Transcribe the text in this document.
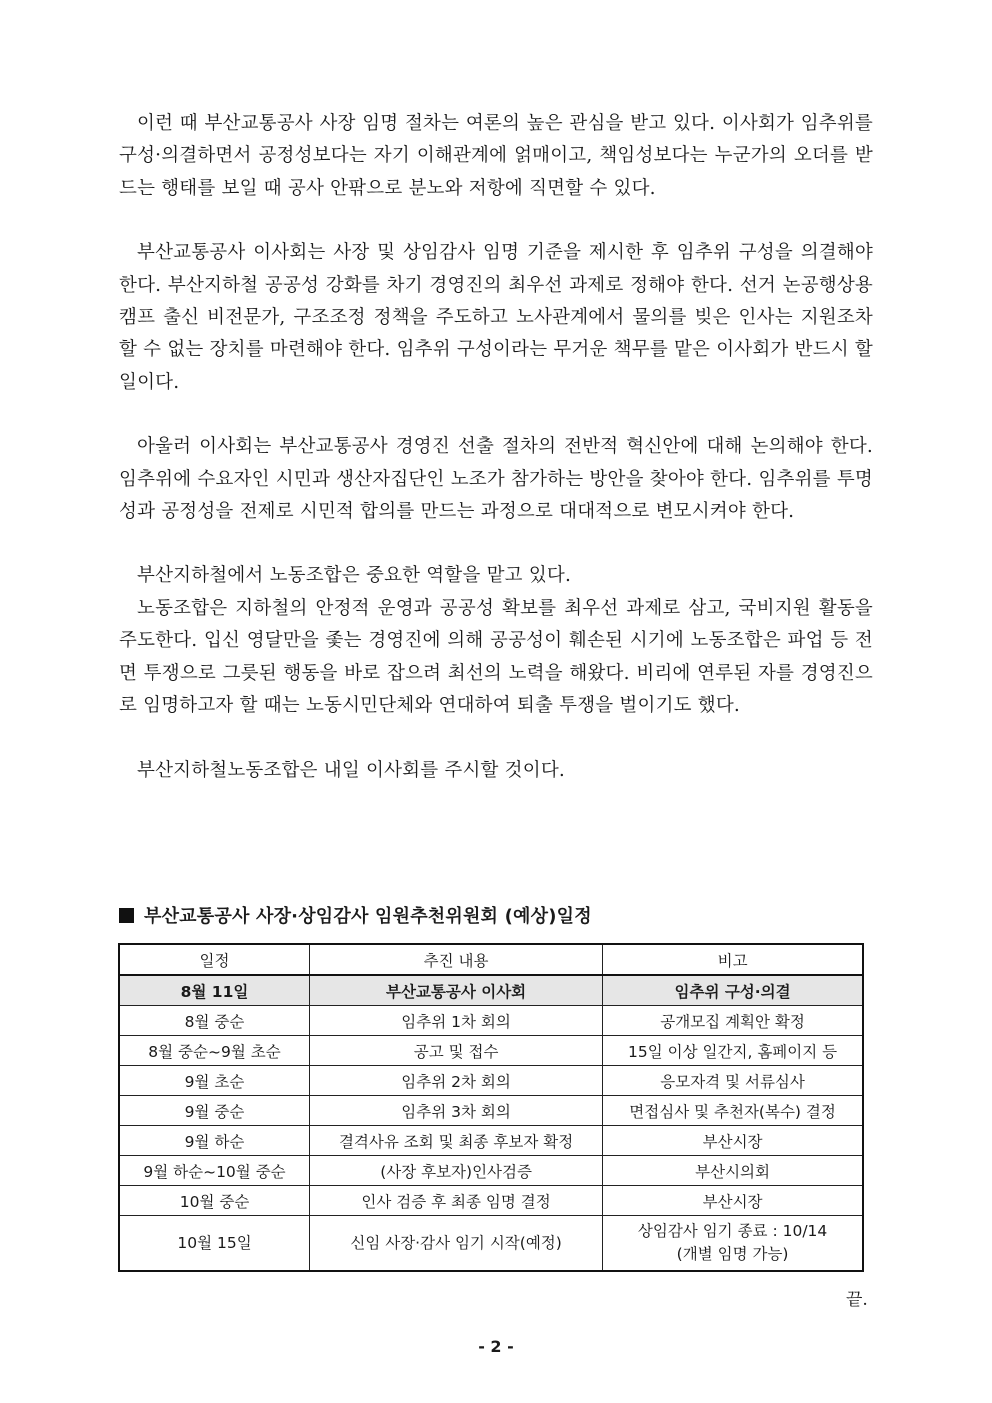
이런 때 부산교통공사 사장 임명 절차는 여론의 높은 관심을 받고 있다. 이사회가 임추위를 구성·의결하면서 공정성보다는 자기 이해관계에 얽매이고, 책임성보다는 누군가의 오더를 받드는 행태를 보일 때 공사 안팎으로 분노와 저항에 직면할 수 있다.

부산교통공사 이사회는 사장 및 상임감사 임명 기준을 제시한 후 임추위 구성을 의결해야 한다. 부산지하철 공공성 강화를 차기 경영진의 최우선 과제로 정해야 한다. 선거 논공행상용 캠프 출신 비전문가, 구조조정 정책을 주도하고 노사관계에서 물의를 빚은 인사는 지원조차 할 수 없는 장치를 마련해야 한다. 임추위 구성이라는 무거운 책무를 맡은 이사회가 반드시 할 일이다.

아울러 이사회는 부산교통공사 경영진 선출 절차의 전반적 혁신안에 대해 논의해야 한다. 임추위에 수요자인 시민과 생산자집단인 노조가 참가하는 방안을 찾아야 한다. 임추위를 투명성과 공정성을 전제로 시민적 합의를 만드는 과정으로 대대적으로 변모시켜야 한다.

부산지하철에서 노동조합은 중요한 역할을 맡고 있다.

노동조합은 지하철의 안정적 운영과 공공성 확보를 최우선 과제로 삼고, 국비지원 활동을 주도한다. 입신 영달만을 좇는 경영진에 의해 공공성이 훼손된 시기에 노동조합은 파업 등 전면 투쟁으로 그릇된 행동을 바로 잡으려 최선의 노력을 해왔다. 비리에 연루된 자를 경영진으로 임명하고자 할 때는 노동시민단체와 연대하여 퇴출 투쟁을 벌이기도 했다.

부산지하철노동조합은 내일 이사회를 주시할 것이다.

부산교통공사 사장·상임감사 임원추천위원회 (예상)일정
일정	추진 내용	비고
8월 11일	부산교통공사 이사회	임추위 구성·의결
8월 중순	임추위 1차 회의	공개모집 계획안 확정
8월 중순~9월 초순	공고 및 접수	15일 이상 일간지, 홈페이지 등
9월 초순	임추위 2차 회의	응모자격 및 서류심사
9월 중순	임추위 3차 회의	면접심사 및 추천자(복수) 결정
9월 하순	결격사유 조회 및 최종 후보자 확정	부산시장
9월 하순~10월 중순	(사장 후보자)인사검증	부산시의회
10월 중순	인사 검증 후 최종 임명 결정	부산시장
10월 15일	신임 사장·감사 임기 시작(예정)	상임감사 임기 종료 : 10/14
(개별 임명 가능)
끝.
- 2 -
